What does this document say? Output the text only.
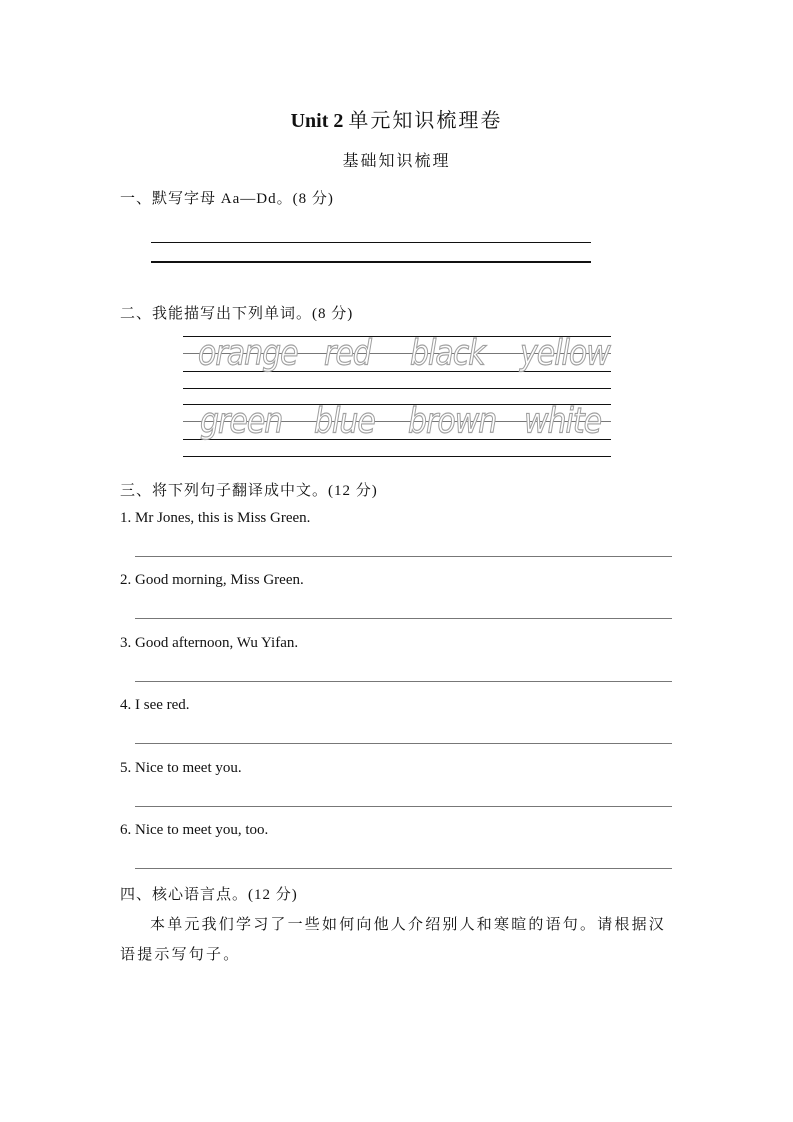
Unit 2 单元知识梳理卷
基础知识梳理
一、默写字母 Aa—Dd。(8 分)
二、我能描写出下列单词。(8 分)
orange red black yellow
green blue brown white
三、将下列句子翻译成中文。(12 分)
1. Mr Jones, this is Miss Green.
2. Good morning, Miss Green.
3. Good afternoon, Wu Yifan.
4. I see red.
5. Nice to meet you.
6. Nice to meet you, too.
四、核心语言点。(12 分)
本单元我们学习了一些如何向他人介绍别人和寒暄的语句。请根据汉语提示写句子。
